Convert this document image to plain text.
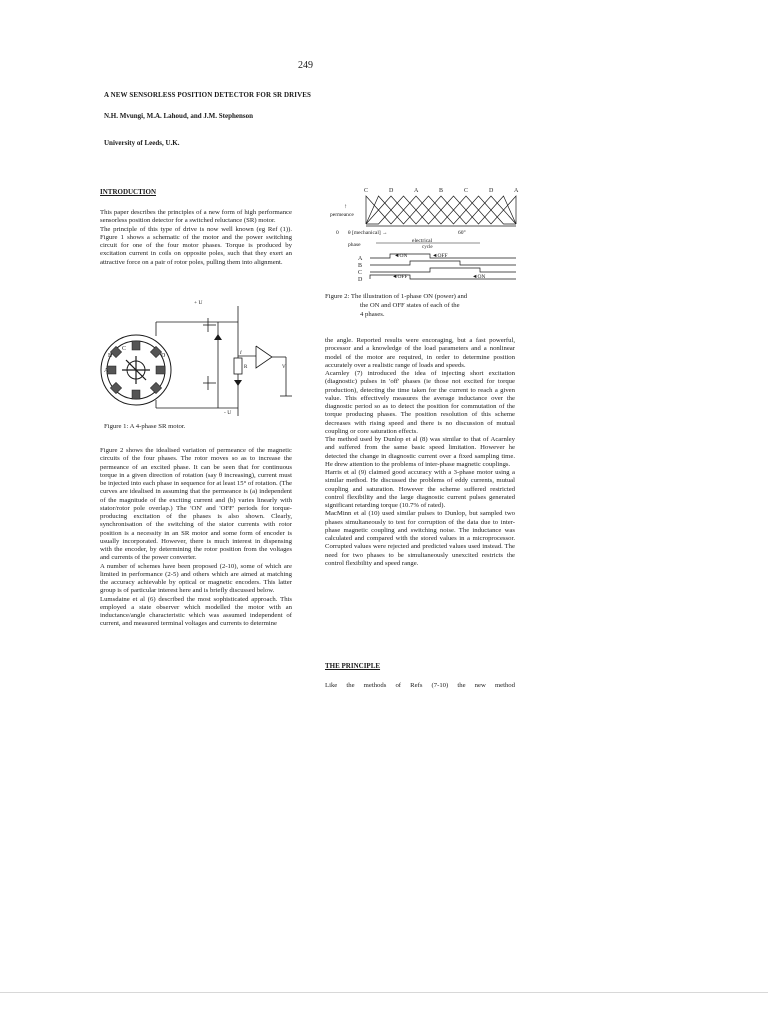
249
A NEW SENSORLESS POSITION DETECTOR FOR SR DRIVES
N.H. Mvungi, M.A. Lahoud, and J.M. Stephenson
University of Leeds, U.K.
INTRODUCTION

This paper describes the principles of a new form of high performance sensorless position detector for a switched reluctance (SR) motor.

The principle of this type of drive is now well known (eg Ref (1)). Figure 1 shows a schematic of the motor and the power switching circuit for one of the four motor phases. Torque is produced by excitation current in coils on opposite poles, such that they exert an attractive force on a pair of rotor poles, pulling them into alignment.

A
B
C
D
+ U
- U
i
R	V
Figure 1: A 4-phase SR motor.

Figure 2 shows the idealised variation of permeance of the magnetic circuits of the four phases. The rotor moves so as to increase the permeance of an excited phase. It can be seen that for continuous torque in a given direction of rotation (say θ increasing), current must be injected into each phase in sequence for at least 15° of rotation. (The curves are idealised in assuming that the permeance is (a) independent of the magnitude of the exciting current and (b) varies linearly with stator/rotor pole overlap.) The 'ON' and 'OFF' periods for torque-producing excitation of the phases is also shown. Clearly, synchronisation of the switching of the stator currents with rotor position is a necessity in an SR motor and some form of encoder is usually incorporated. However, there is much interest in dispensing with the encoder, by determining the rotor position from the voltages and currents of the power converter.

A number of schemes have been proposed (2-10), some of which are limited in performance (2-5) and others which are aimed at matching the accuracy achievable by optical or magnetic encoders. This latter group is of particular interest here and is briefly discussed below.

Lumsdaine et al (6) described the most sophisticated approach. This employed a state observer which modelled the motor with an inductance/angle characteristic which was assumed independent of current, and measured terminal voltages and currents to determine

C	D	A	B	C	D	A
↑
permeance
0 θ [mechanical] →	60°
phase
electrical
cycle
A
B
C
D
◄ON	◄OFF
◄OFF	◄ON
Figure 2: The illustration of 1-phase ON (power) and
the ON and OFF states of each of the
4 phases.

the angle. Reported results were encoraging, but a fast powerful, processor and a knowledge of the load parameters and a nonlinear model of the motor are required, in order to determine position accurately over a realistic range of loads and speeds.

Acarnley (7) introduced the idea of injecting short excitation (diagnostic) pulses in 'off' phases (ie those not excited for torque production), detecting the time taken for the current to reach a given value. This effectively measures the average inductance over the diagnostic period so as to detect the position for commutation of the torque producing phases. The position resolution of this scheme decreases with rising speed and there is no discussion of mutual coupling or core saturation effects.

The method used by Dunlop et al (8) was similar to that of Acarnley and suffered from the same basic speed limitation. However he detected the change in diagnostic current over a fixed sampling time. He drew attention to the problems of inter-phase magnetic couplings.

Harris et al (9) claimed good accuracy with a 3-phase motor using a similar method. He discussed the problems of eddy currents, mutual coupling and saturation. However the scheme suffered restricted control flexibility and the large diagnostic current pulses generated significant retarding torque (10.7% of rated).

MacMinn et al (10) used similar pulses to Dunlop, but sampled two phases simultaneously to test for corruption of the data due to inter-phase magnetic coupling and switching noise. The inductance was calculated and compared with the stored values in a microprocessor. Corrupted values were rejected and predicted values used instead. The need for two phases to be simultaneously unexcited restricts the control flexibility and speed range.

THE PRINCIPLE
Like the methods of Refs (7-10) the new method
